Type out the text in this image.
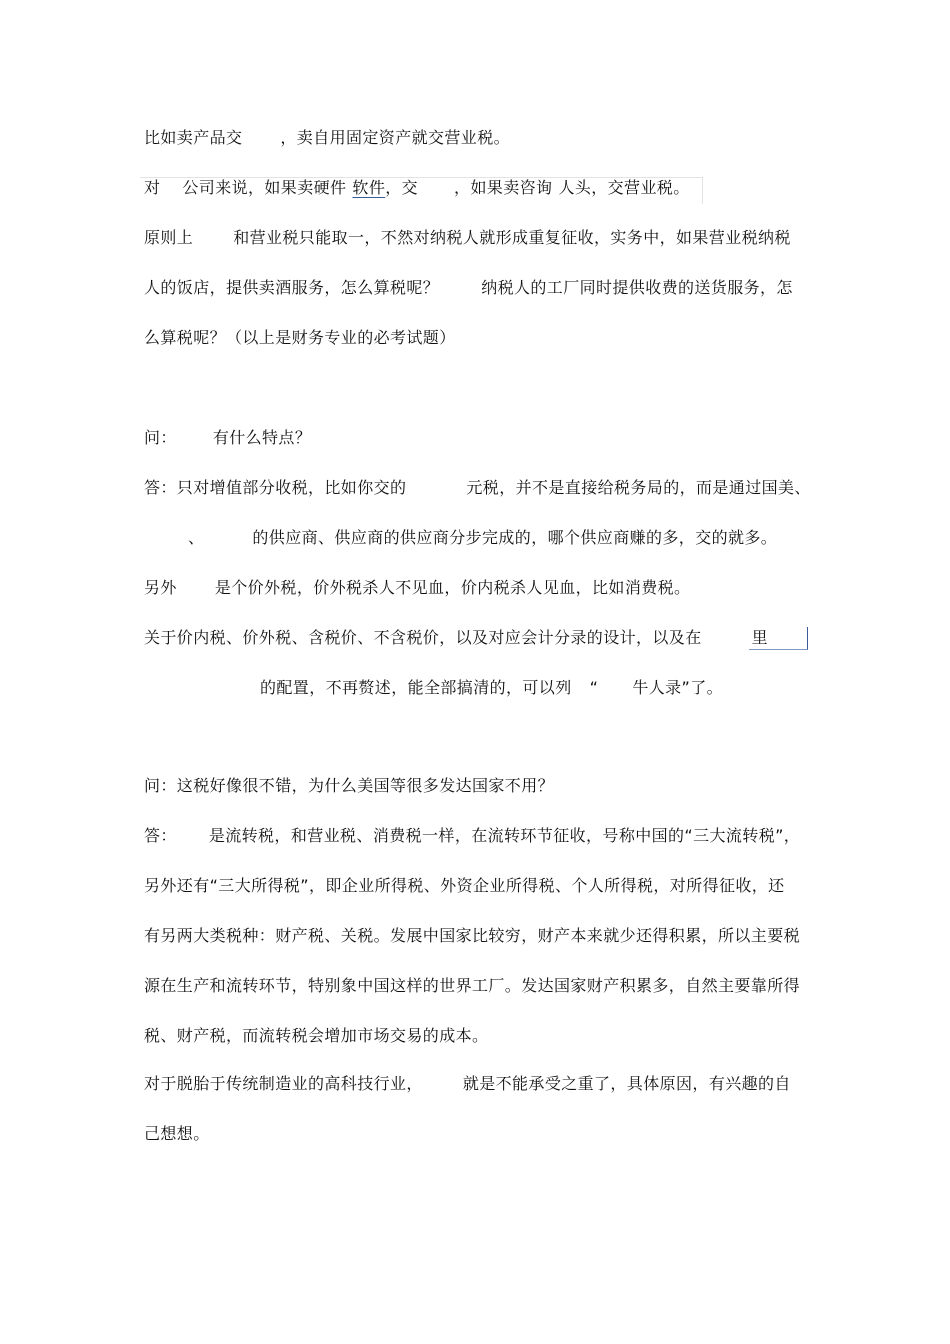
比如卖产品交 ，卖自用固定资产就交营业税。
对 公司来说，如果卖硬件 软件，交 ，如果卖咨询 人头，交营业税。
原则上	和营业税只能取一，不然对纳税人就形成重复征收，实务中，如果营业税纳税
人的饭店，提供卖酒服务，怎么算税呢？	纳税人的工厂同时提供收费的送货服务，怎
么算税呢？（以上是财务专业的必考试题）
问： 有什么特点？
答：只对增值部分收税，比如你交的	元税，并不是直接给税务局的，而是通过国美、
、	的供应商、供应商的供应商分步完成的，哪个供应商赚的多，交的就多。
另外 是个价外税，价外税杀人不见血，价内税杀人见血，比如消费税。
关于价内税、价外税、含税价、不含税价，以及对应会计分录的设计，以及在	里
的配置，不再赘述，能全部搞清的，可以列 “ 牛人录”了。
问：这税好像很不错，为什么美国等很多发达国家不用？
答： 是流转税，和营业税、消费税一样，在流转环节征收，号称中国的“三大流转税”，
另外还有“三大所得税”，即企业所得税、外资企业所得税、个人所得税，对所得征收，还
有另两大类税种：财产税、关税。发展中国家比较穷，财产本来就少还得积累，所以主要税
源在生产和流转环节，特别象中国这样的世界工厂。发达国家财产积累多，自然主要靠所得
税、财产税，而流转税会增加市场交易的成本。
对于脱胎于传统制造业的高科技行业，	就是不能承受之重了，具体原因，有兴趣的自
己想想。
